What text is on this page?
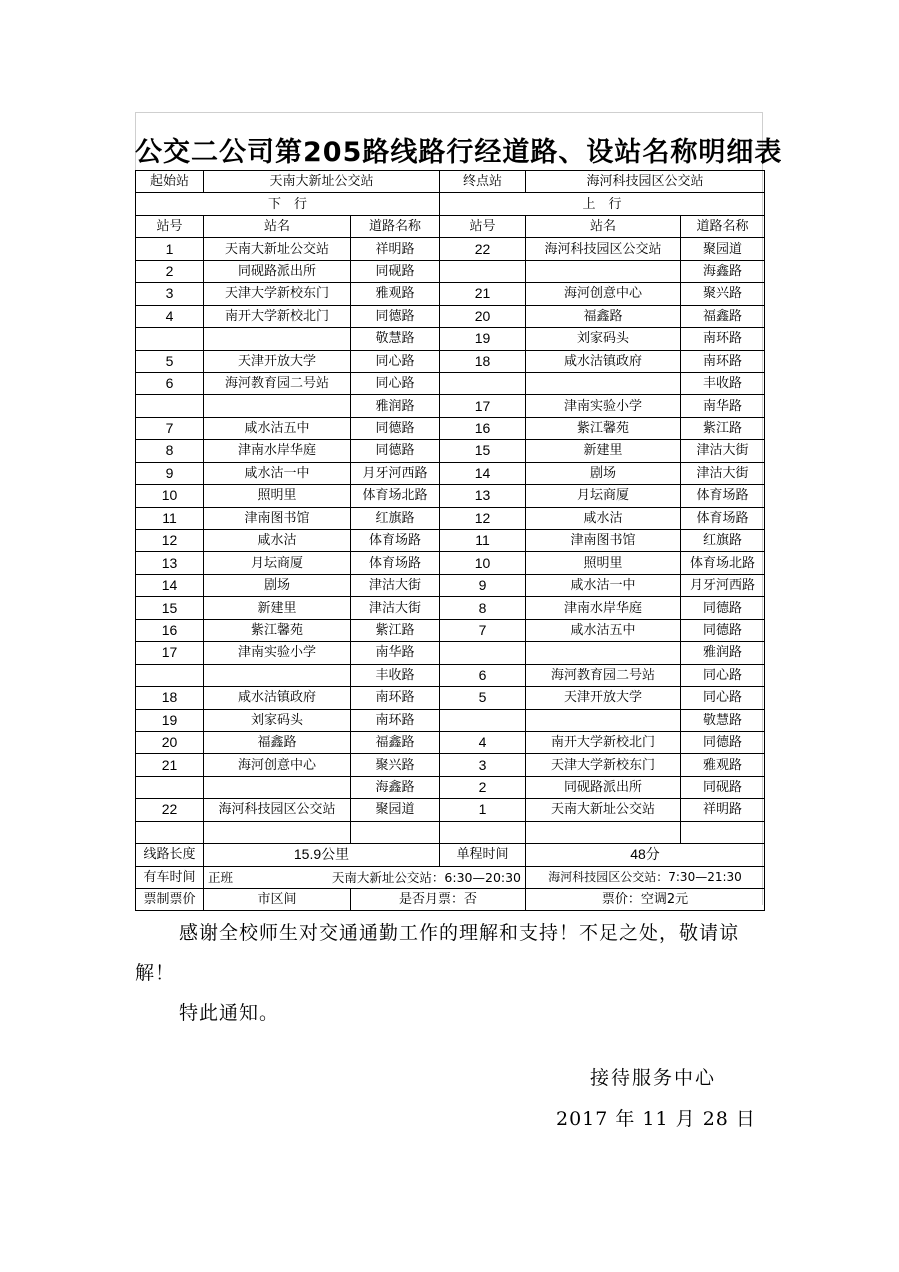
公交二公司第205路线路行经道路、设站名称明细表
起始站	天南大新址公交站		终点站	海河科技园区公交站	
下　行			上　行		
站号	站名	道路名称	站号	站名	道路名称
1	天南大新址公交站	祥明路	22	海河科技园区公交站	聚园道
2	同砚路派出所	同砚路			海鑫路
3	天津大学新校东门	雅观路	21	海河创意中心	聚兴路
4	南开大学新校北门	同德路	20	福鑫路	福鑫路
		敬慧路	19	刘家码头	南环路
5	天津开放大学	同心路	18	咸水沽镇政府	南环路
6	海河教育园二号站	同心路			丰收路
		雅润路	17	津南实验小学	南华路
7	咸水沽五中	同德路	16	紫江馨苑	紫江路
8	津南水岸华庭	同德路	15	新建里	津沽大街
9	咸水沽一中	月牙河西路	14	剧场	津沽大街
10	照明里	体育场北路	13	月坛商厦	体育场路
11	津南图书馆	红旗路	12	咸水沽	体育场路
12	咸水沽	体育场路	11	津南图书馆	红旗路
13	月坛商厦	体育场路	10	照明里	体育场北路
14	剧场	津沽大街	9	咸水沽一中	月牙河西路
15	新建里	津沽大街	8	津南水岸华庭	同德路
16	紫江馨苑	紫江路	7	咸水沽五中	同德路
17	津南实验小学	南华路			雅润路
		丰收路	6	海河教育园二号站	同心路
18	咸水沽镇政府	南环路	5	天津开放大学	同心路
19	刘家码头	南环路			敬慧路
20	福鑫路	福鑫路	4	南开大学新校北门	同德路
21	海河创意中心	聚兴路	3	天津大学新校东门	雅观路
		海鑫路	2	同砚路派出所	同砚路
22	海河科技园区公交站	聚园道	1	天南大新址公交站	祥明路

线路长度	15.9公里		单程时间	48分	
有车时间	正班 天南大新址公交站：6:30—20:30			海河科技园区公交站：7:30—21:30	
票制票价	市区间	是否月票：否		票价：空调2元	
感谢全校师生对交通通勤工作的理解和支持！不足之处，敬请谅解！
特此通知。
接待服务中心
2017 年 11 月 28 日
